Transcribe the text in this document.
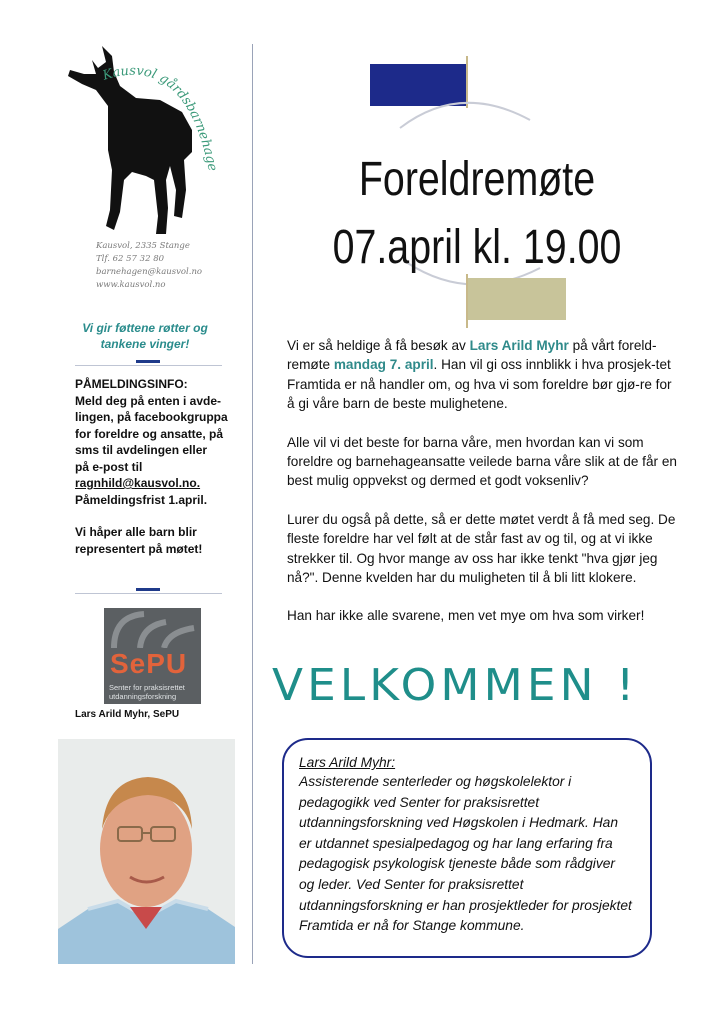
Kausvol gårdsbarnehage
Kausvol, 2335 Stange
Tlf. 62 57 32 80
barnehagen@kausvol.no
www.kausvol.no
Vi gir føttene røtter og
tankene vinger!

PÅMELDINGSINFO:
Meld deg på enten i avde-
lingen, på facebookgruppa
for foreldre og ansatte, på
sms til avdelingen eller
på e-post til
ragnhild@kausvol.no.
Påmeldingsfrist 1.april.

Vi håper alle barn blir
representert på møtet!

SePU
Senter for praksisrettet
utdanningsforskning
Lars Arild Myhr, SePU
Foreldremøte
07.april kl. 19.00

Vi er så heldige å få besøk av Lars Arild Myhr på vårt foreld-remøte mandag 7. april. Han vil gi oss innblikk i hva prosjek-tet Framtida er nå handler om, og hva vi som foreldre bør gjø-re for å gi våre barn de beste mulighetene.

Alle vil vi det beste for barna våre, men hvordan kan vi som foreldre og barnehageansatte veilede barna våre slik at de får en best mulig oppvekst og dermed et godt voksenliv?

Lurer du også på dette, så er dette møtet verdt å få med seg. De fleste foreldre har vel følt at de står fast av og til, og at vi ikke strekker til. Og hvor mange av oss har ikke tenkt "hva gjør jeg nå?". Denne kvelden har du muligheten til å bli litt klokere.

Han har ikke alle svarene, men vet mye om hva som virker!

VELKOMMEN !
Lars Arild Myhr:
Assisterende senterleder og høgskolelektor i pedagogikk ved Senter for praksisrettet utdanningsforskning ved Høgskolen i Hedmark. Han er utdannet spesialpedagog og har lang erfaring fra pedagogisk psykologisk tjeneste både som rådgiver og leder. Ved Senter for praksisrettet utdanningsforskning er han prosjektleder for prosjektet Framtida er nå for Stange kommune.
